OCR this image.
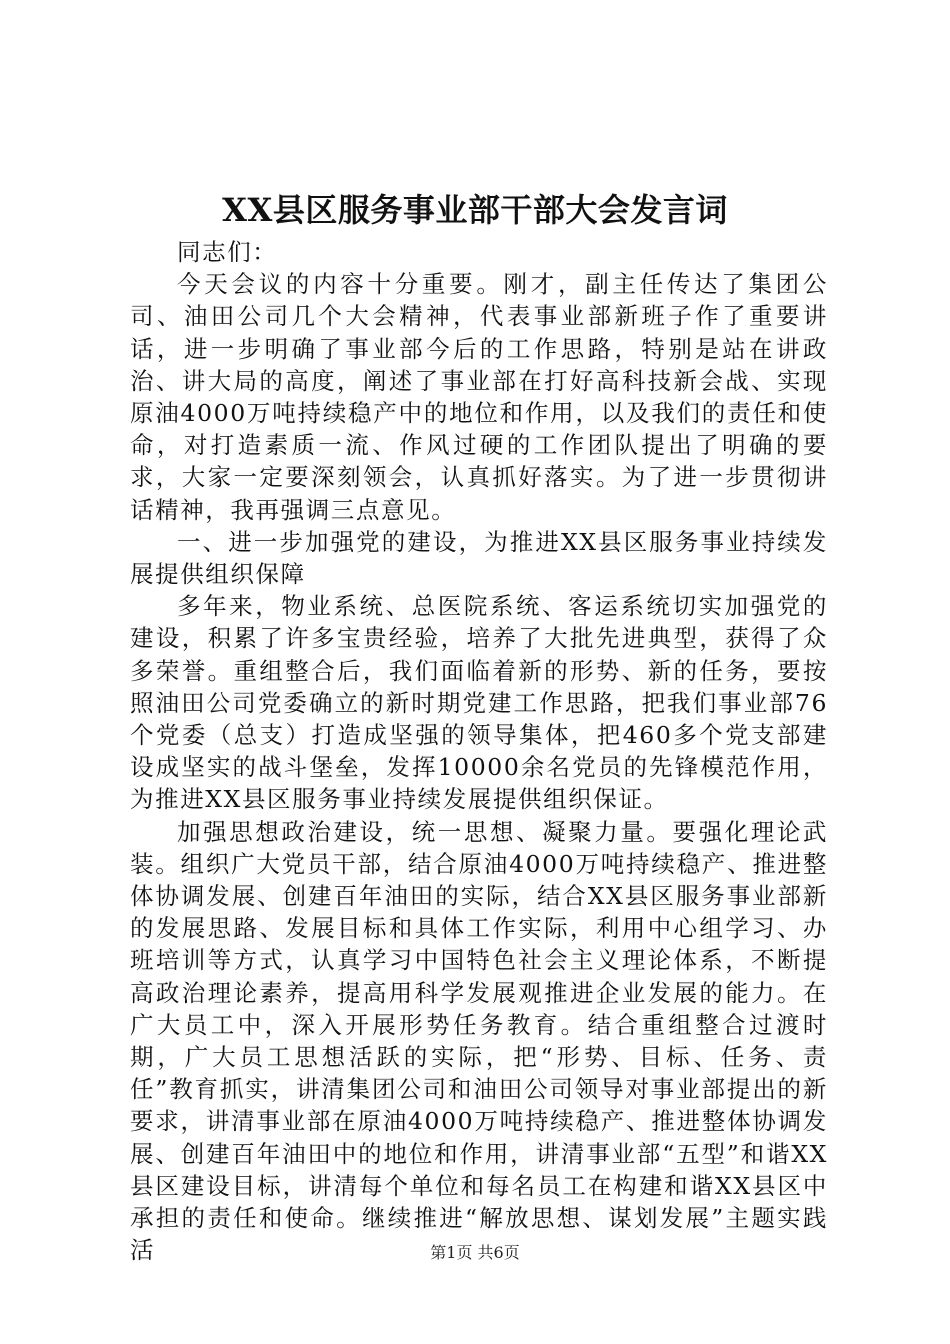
XX县区服务事业部干部大会发言词

同志们：

今天会议的内容十分重要。刚才，副主任传达了集团公司、油田公司几个大会精神，代表事业部新班子作了重要讲话，进一步明确了事业部今后的工作思路，特别是站在讲政治、讲大局的高度，阐述了事业部在打好高科技新会战、实现原油4000万吨持续稳产中的地位和作用，以及我们的责任和使命，对打造素质一流、作风过硬的工作团队提出了明确的要求，大家一定要深刻领会，认真抓好落实。为了进一步贯彻讲话精神，我再强调三点意见。

一、进一步加强党的建设，为推进XX县区服务事业持续发展提供组织保障

多年来，物业系统、总医院系统、客运系统切实加强党的建设，积累了许多宝贵经验，培养了大批先进典型，获得了众多荣誉。重组整合后，我们面临着新的形势、新的任务，要按照油田公司党委确立的新时期党建工作思路，把我们事业部76个党委（总支）打造成坚强的领导集体，把460多个党支部建设成坚实的战斗堡垒，发挥10000余名党员的先锋模范作用，为推进XX县区服务事业持续发展提供组织保证。

加强思想政治建设，统一思想、凝聚力量。要强化理论武装。组织广大党员干部，结合原油4000万吨持续稳产、推进整体协调发展、创建百年油田的实际，结合XX县区服务事业部新的发展思路、发展目标和具体工作实际，利用中心组学习、办班培训等方式，认真学习中国特色社会主义理论体系，不断提高政治理论素养，提高用科学发展观推进企业发展的能力。在广大员工中，深入开展形势任务教育。结合重组整合过渡时期，广大员工思想活跃的实际，把“形势、目标、任务、责任”教育抓实，讲清集团公司和油田公司领导对事业部提出的新要求，讲清事业部在原油4000万吨持续稳产、推进整体协调发展、创建百年油田中的地位和作用，讲清事业部“五型”和谐XX县区建设目标，讲清每个单位和每名员工在构建和谐XX县区中承担的责任和使命。继续推进“解放思想、谋划发展”主题实践活	第1页 共6页
